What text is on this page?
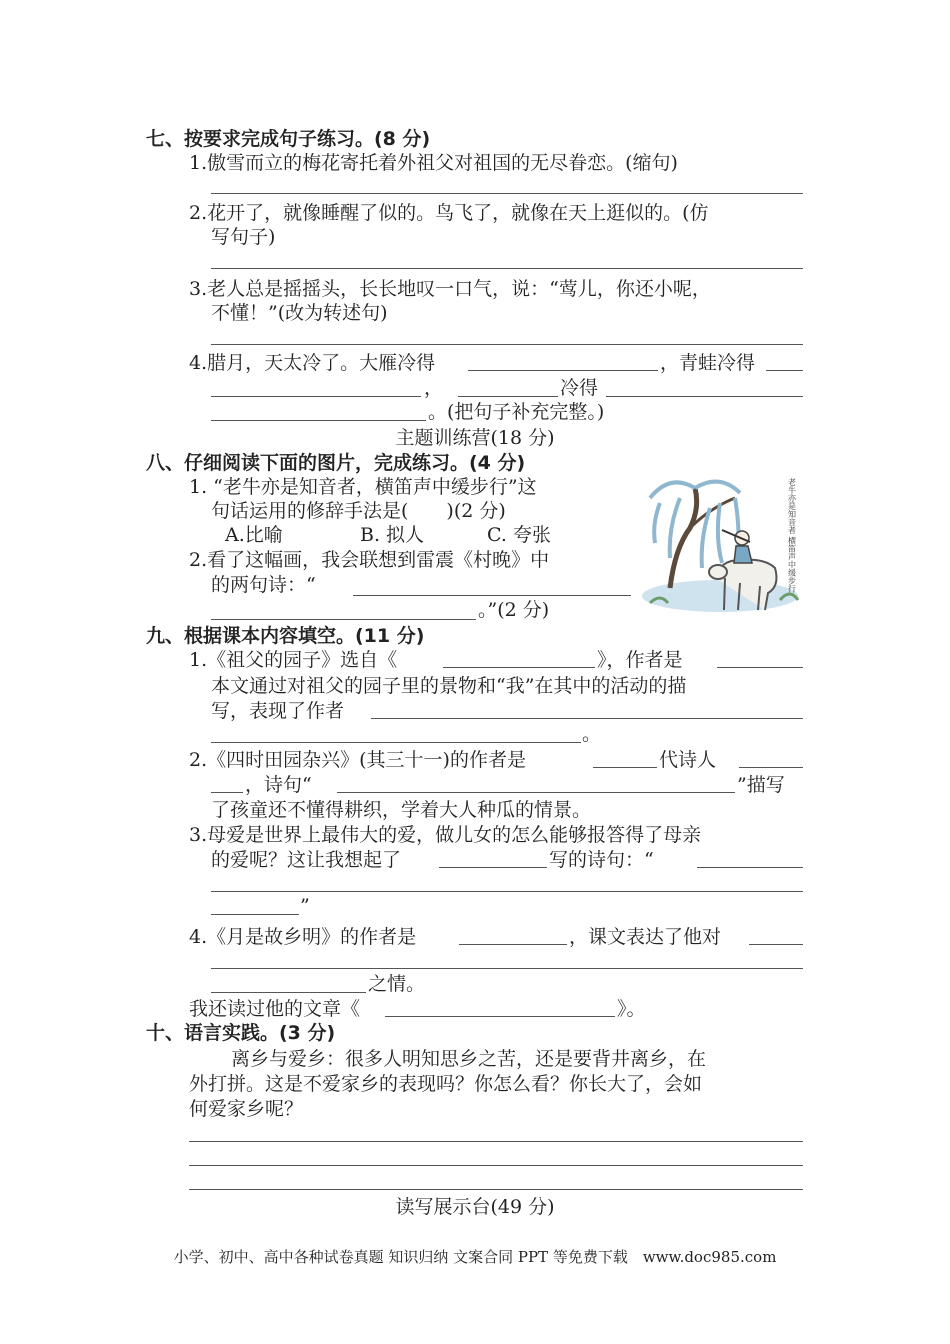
七、按要求完成句子练习。(8 分)
1.傲雪而立的梅花寄托着外祖父对祖国的无尽眷恋。(缩句)
2.花开了，就像睡醒了似的。鸟飞了，就像在天上逛似的。(仿
写句子)
3.老人总是摇摇头，长长地叹一口气，说：“莺儿，你还小呢，
不懂！”(改为转述句)
4.腊月，天太冷了。大雁冷得	，青蛙冷得
，	冷得
。(把句子补充完整。)
主题训练营(18 分)
八、仔细阅读下面的图片，完成练习。(4 分)
1. “老牛亦是知音者，横笛声中缓步行”这
句话运用的修辞手法是(　　)(2 分)
A.比喻	B. 拟人	C. 夸张
2.看了这幅画，我会联想到雷震《村晚》中
的两句诗：“
。”(2 分)
老牛亦是知音者 横笛声中缓步行
九、根据课本内容填空。(11 分)
1.《祖父的园子》选自《	》，作者是
本文通过对祖父的园子里的景物和“我”在其中的活动的描
写，表现了作者
。
2.《四时田园杂兴》(其三十一)的作者是	代诗人
，诗句“	”描写
了孩童还不懂得耕织，学着大人种瓜的情景。
3.母爱是世界上最伟大的爱，做儿女的怎么能够报答得了母亲
的爱呢？这让我想起了	写的诗句：“
”
4.《月是故乡明》的作者是	，课文表达了他对
之情。
我还读过他的文章《	》。
十、语言实践。(3 分)
离乡与爱乡：很多人明知思乡之苦，还是要背井离乡，在
外打拼。这是不爱家乡的表现吗？你怎么看？你长大了，会如
何爱家乡呢？
读写展示台(49 分)
小学、初中、高中各种试卷真题 知识归纳 文案合同 PPT 等免费下载　www.doc985.com
